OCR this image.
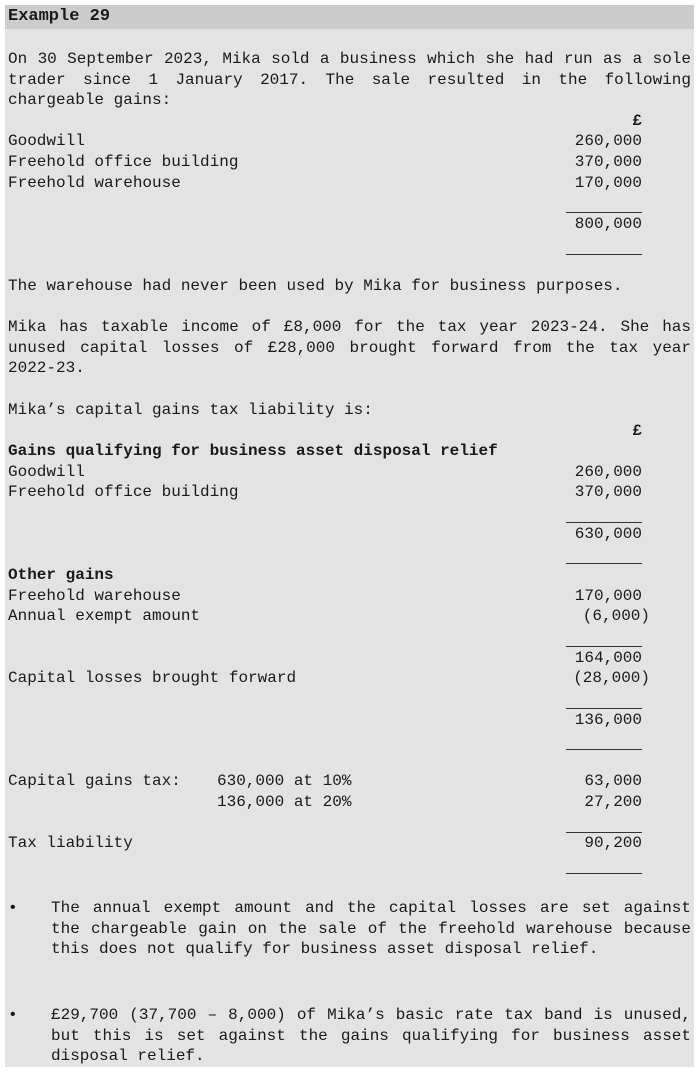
Example 29
On 30 September 2023, Mika sold a business which she had run as a sole trader since 1 January 2017. The sale resulted in the following chargeable gains:
£
Goodwill	260,000
Freehold office building	370,000
Freehold warehouse	170,000
800,000
The warehouse had never been used by Mika for business purposes.
Mika has taxable income of £8,000 for the tax year 2023-24. She has unused capital losses of £28,000 brought forward from the tax year 2022-23.
Mika’s capital gains tax liability is:
£
Gains qualifying for business asset disposal relief
Goodwill	260,000
Freehold office building	370,000
630,000
Other gains
Freehold warehouse	170,000
Annual exempt amount	(6,000)
164,000
Capital losses brought forward	(28,000)
136,000
Capital gains tax: 630,000 at 10%	63,000
136,000 at 20%	27,200
Tax liability	90,200
• The annual exempt amount and the capital losses are set against the chargeable gain on the sale of the freehold warehouse because this does not qualify for business asset disposal relief.
• £29,700 (37,700 – 8,000) of Mika’s basic rate tax band is unused, but this is set against the gains qualifying for business asset disposal relief.
